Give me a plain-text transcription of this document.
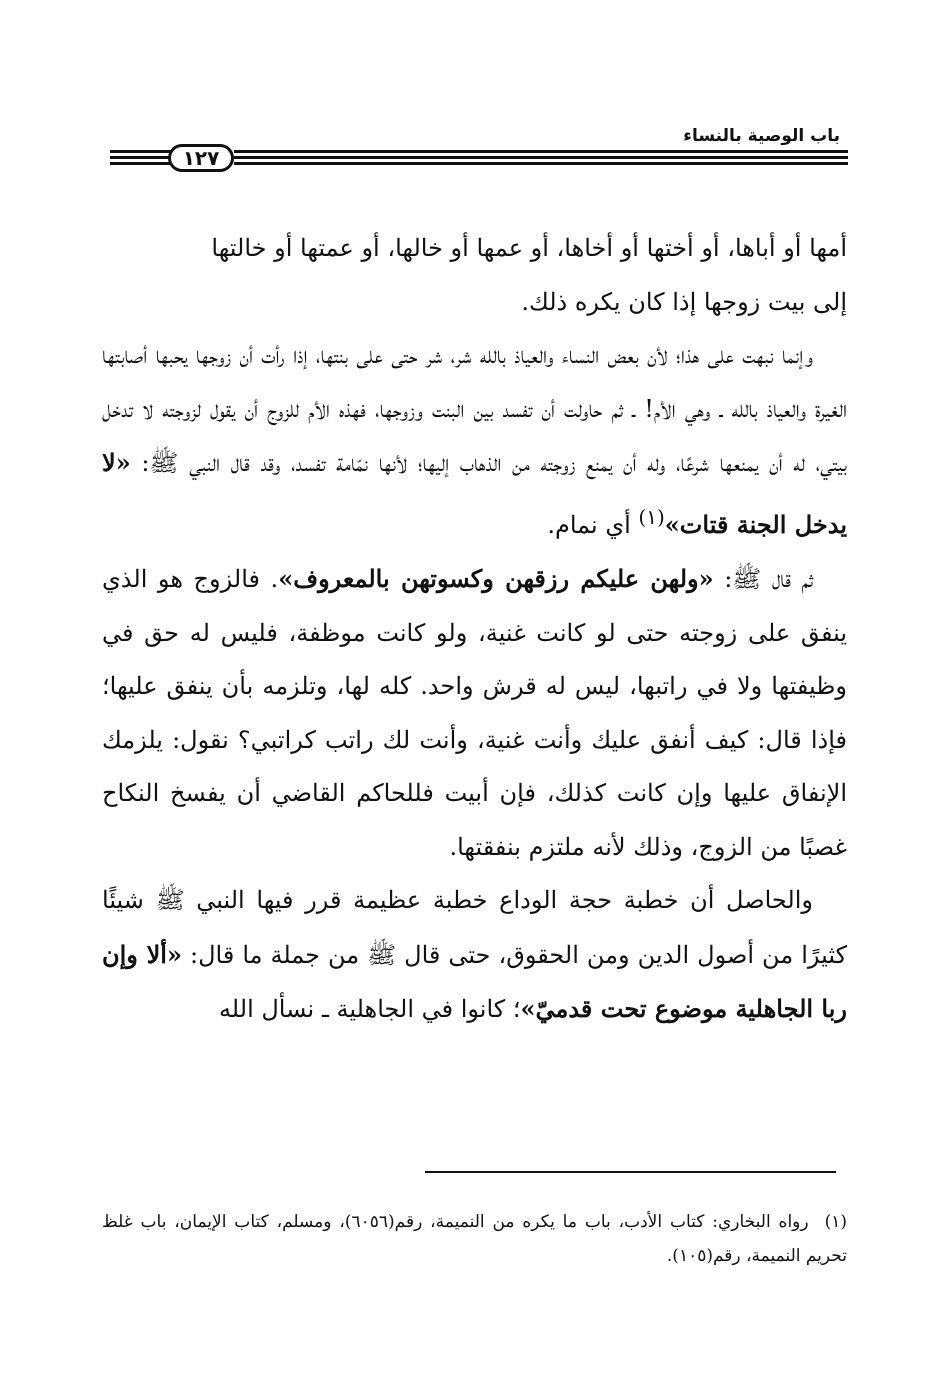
باب الوصية بالنساء
١٢٧

أمها أو أباها، أو أختها أو أخاها، أو عمها أو خالها، أو عمتها أو خالتها
إلى بيت زوجها إذا كان يكره ذلك.

وإنما نبهت على هذا؛ لأن بعض النساء والعياذ بالله شر، شر حتى على بنتها، إذا رأت أن زوجها يحبها أصابتها الغيرة والعياذ بالله ـ وهي الأم! ـ ثم حاولت أن تفسد بين البنت وزوجها، فهذه الأم للزوج أن يقول لزوجته لا تدخل بيتي، له أن يمنعها شرعًا، وله أن يمنع زوجته من الذهاب إليها؛ لأنها نمّامة تفسد، وقد قال النبي ﷺ: «لا يدخل الجنة قتات»$^{(١)}$ أي نمام.

ثم قال ﷺ: «ولهن عليكم رزقهن وكسوتهن بالمعروف». فالزوج هو الذي ينفق على زوجته حتى لو كانت غنية، ولو كانت موظفة، فليس له حق في وظيفتها ولا في راتبها، ليس له قرش واحد. كله لها، وتلزمه بأن ينفق عليها؛ فإذا قال: كيف أنفق عليك وأنت غنية، وأنت لك راتب كراتبي؟ نقول: يلزمك الإنفاق عليها وإن كانت كذلك، فإن أبيت فللحاكم القاضي أن يفسخ النكاح غصبًا من الزوج، وذلك لأنه ملتزم بنفقتها.

والحاصل أن خطبة حجة الوداع خطبة عظيمة قرر فيها النبي ﷺ شيئًا كثيرًا من أصول الدين ومن الحقوق، حتى قال ﷺ من جملة ما قال: «ألا وإن ربا الجاهلية موضوع تحت قدميّ»؛ كانوا في الجاهلية ـ نسأل الله

(١)رواه البخاري: كتاب الأدب، باب ما يكره من النميمة، رقم(٦٠٥٦)، ومسلم، كتاب الإيمان، باب غلظ تحريم النميمة، رقم(١٠٥).
